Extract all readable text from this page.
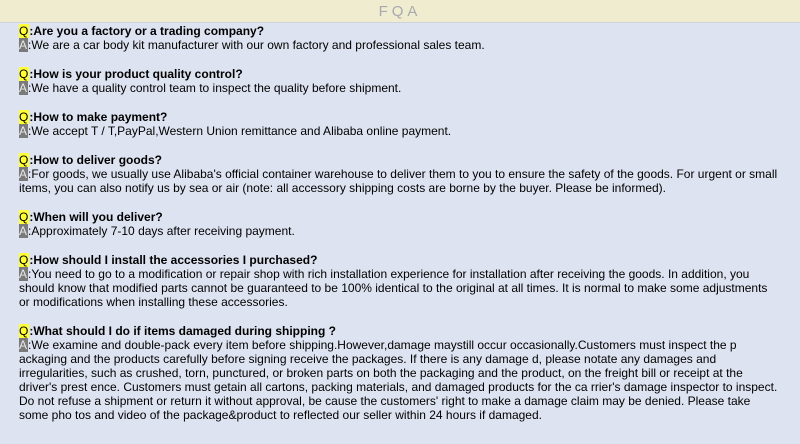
FQA

Q:Are you a factory or a trading company?

A:We are a car body kit manufacturer with our own factory and professional sales team.

Q:How is your product quality control?

A:We have a quality control team to inspect the quality before shipment.

Q:How to make payment?

A:We accept T / T,PayPal,Western Union remittance and Alibaba online payment.

Q:How to deliver goods?

A:For goods, we usually use Alibaba's official container warehouse to deliver them to you to ensure the safety of the goods. For urgent or small items, you can also notify us by sea or air (note: all accessory shipping costs are borne by the buyer. Please be informed).

Q:When will you deliver?

A:Approximately 7-10 days after receiving payment.

Q:How should I install the accessories I purchased?

A:You need to go to a modification or repair shop with rich installation experience for installation after receiving the goods. In addition, you should know that modified parts cannot be guaranteed to be 100% identical to the original at all times. It is normal to make some adjustments or modifications when installing these accessories.

Q:What should I do if items damaged during shipping ?

A:We examine and double-pack every item before shipping.However,damage maystill occur occasionally.Customers must inspect the p ackaging and the products carefully before signing receive the packages. If there is any damage d, please notate any damages and irregularities, such as crushed, torn, punctured, or broken parts on both the packaging and the product, on the freight bill or receipt at the driver's prest ence. Customers must getain all cartons, packing materials, and damaged products for the ca rrier's damage inspector to inspect. Do not refuse a shipment or return it without approval, be cause the customers' right to make a damage claim may be denied. Please take some pho tos and video of the package&product to reflected our seller within 24 hours if damaged.
